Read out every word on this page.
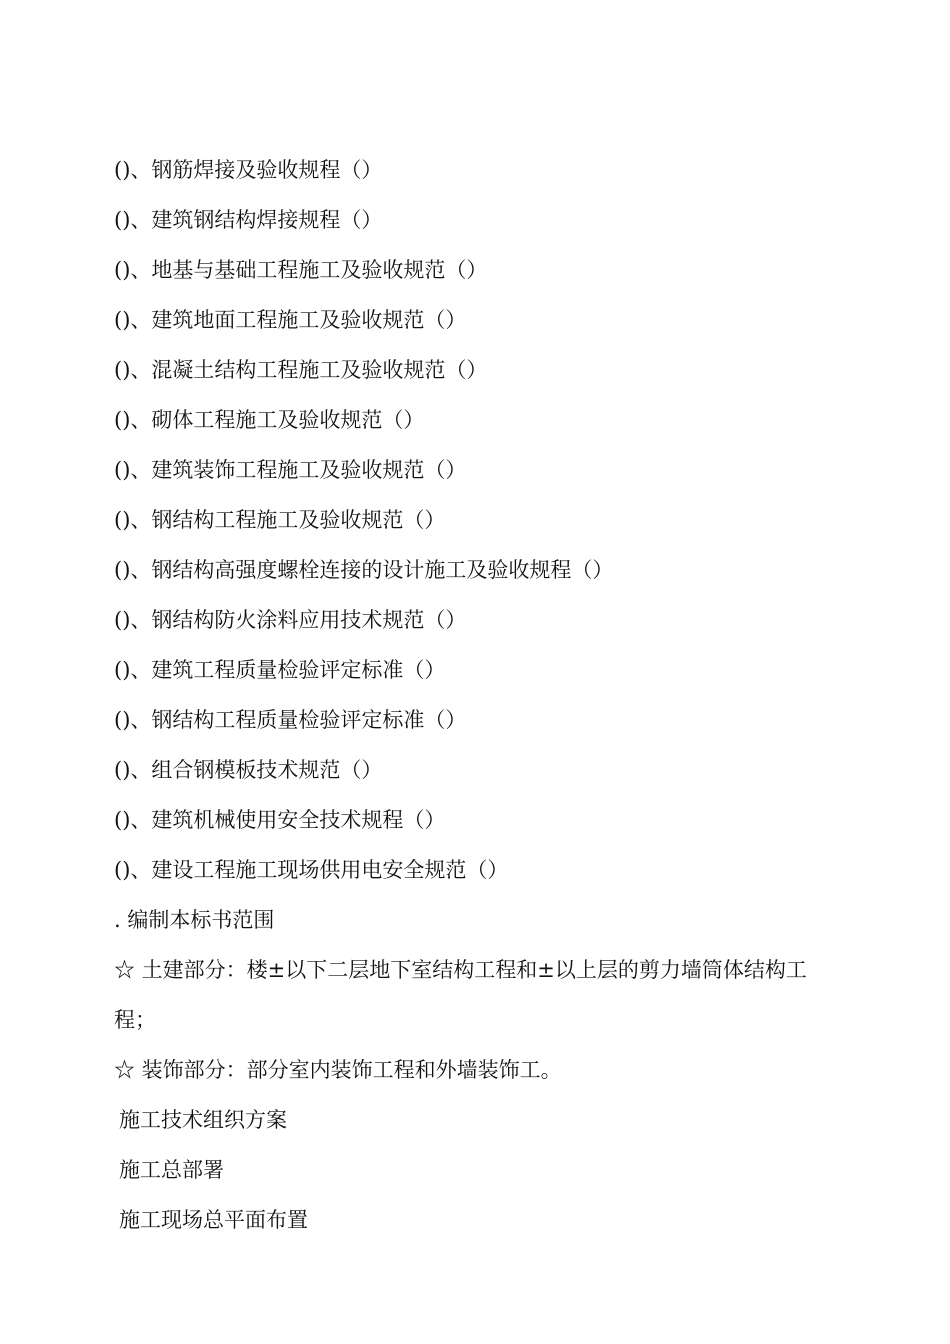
()、钢筋焊接及验收规程（）
()、建筑钢结构焊接规程（）
()、地基与基础工程施工及验收规范（）
()、建筑地面工程施工及验收规范（）
()、混凝土结构工程施工及验收规范（）
()、砌体工程施工及验收规范（）
()、建筑装饰工程施工及验收规范（）
()、钢结构工程施工及验收规范（）
()、钢结构高强度螺栓连接的设计施工及验收规程（）
()、钢结构防火涂料应用技术规范（）
()、建筑工程质量检验评定标准（）
()、钢结构工程质量检验评定标准（）
()、组合钢模板技术规范（）
()、建筑机械使用安全技术规程（）
()、建设工程施工现场供用电安全规范（）
. 编制本标书范围
☆ 土建部分：楼±以下二层地下室结构工程和±以上层的剪力墙筒体结构工
程；
☆ 装饰部分：部分室内装饰工程和外墙装饰工。
施工技术组织方案
施工总部署
施工现场总平面布置
